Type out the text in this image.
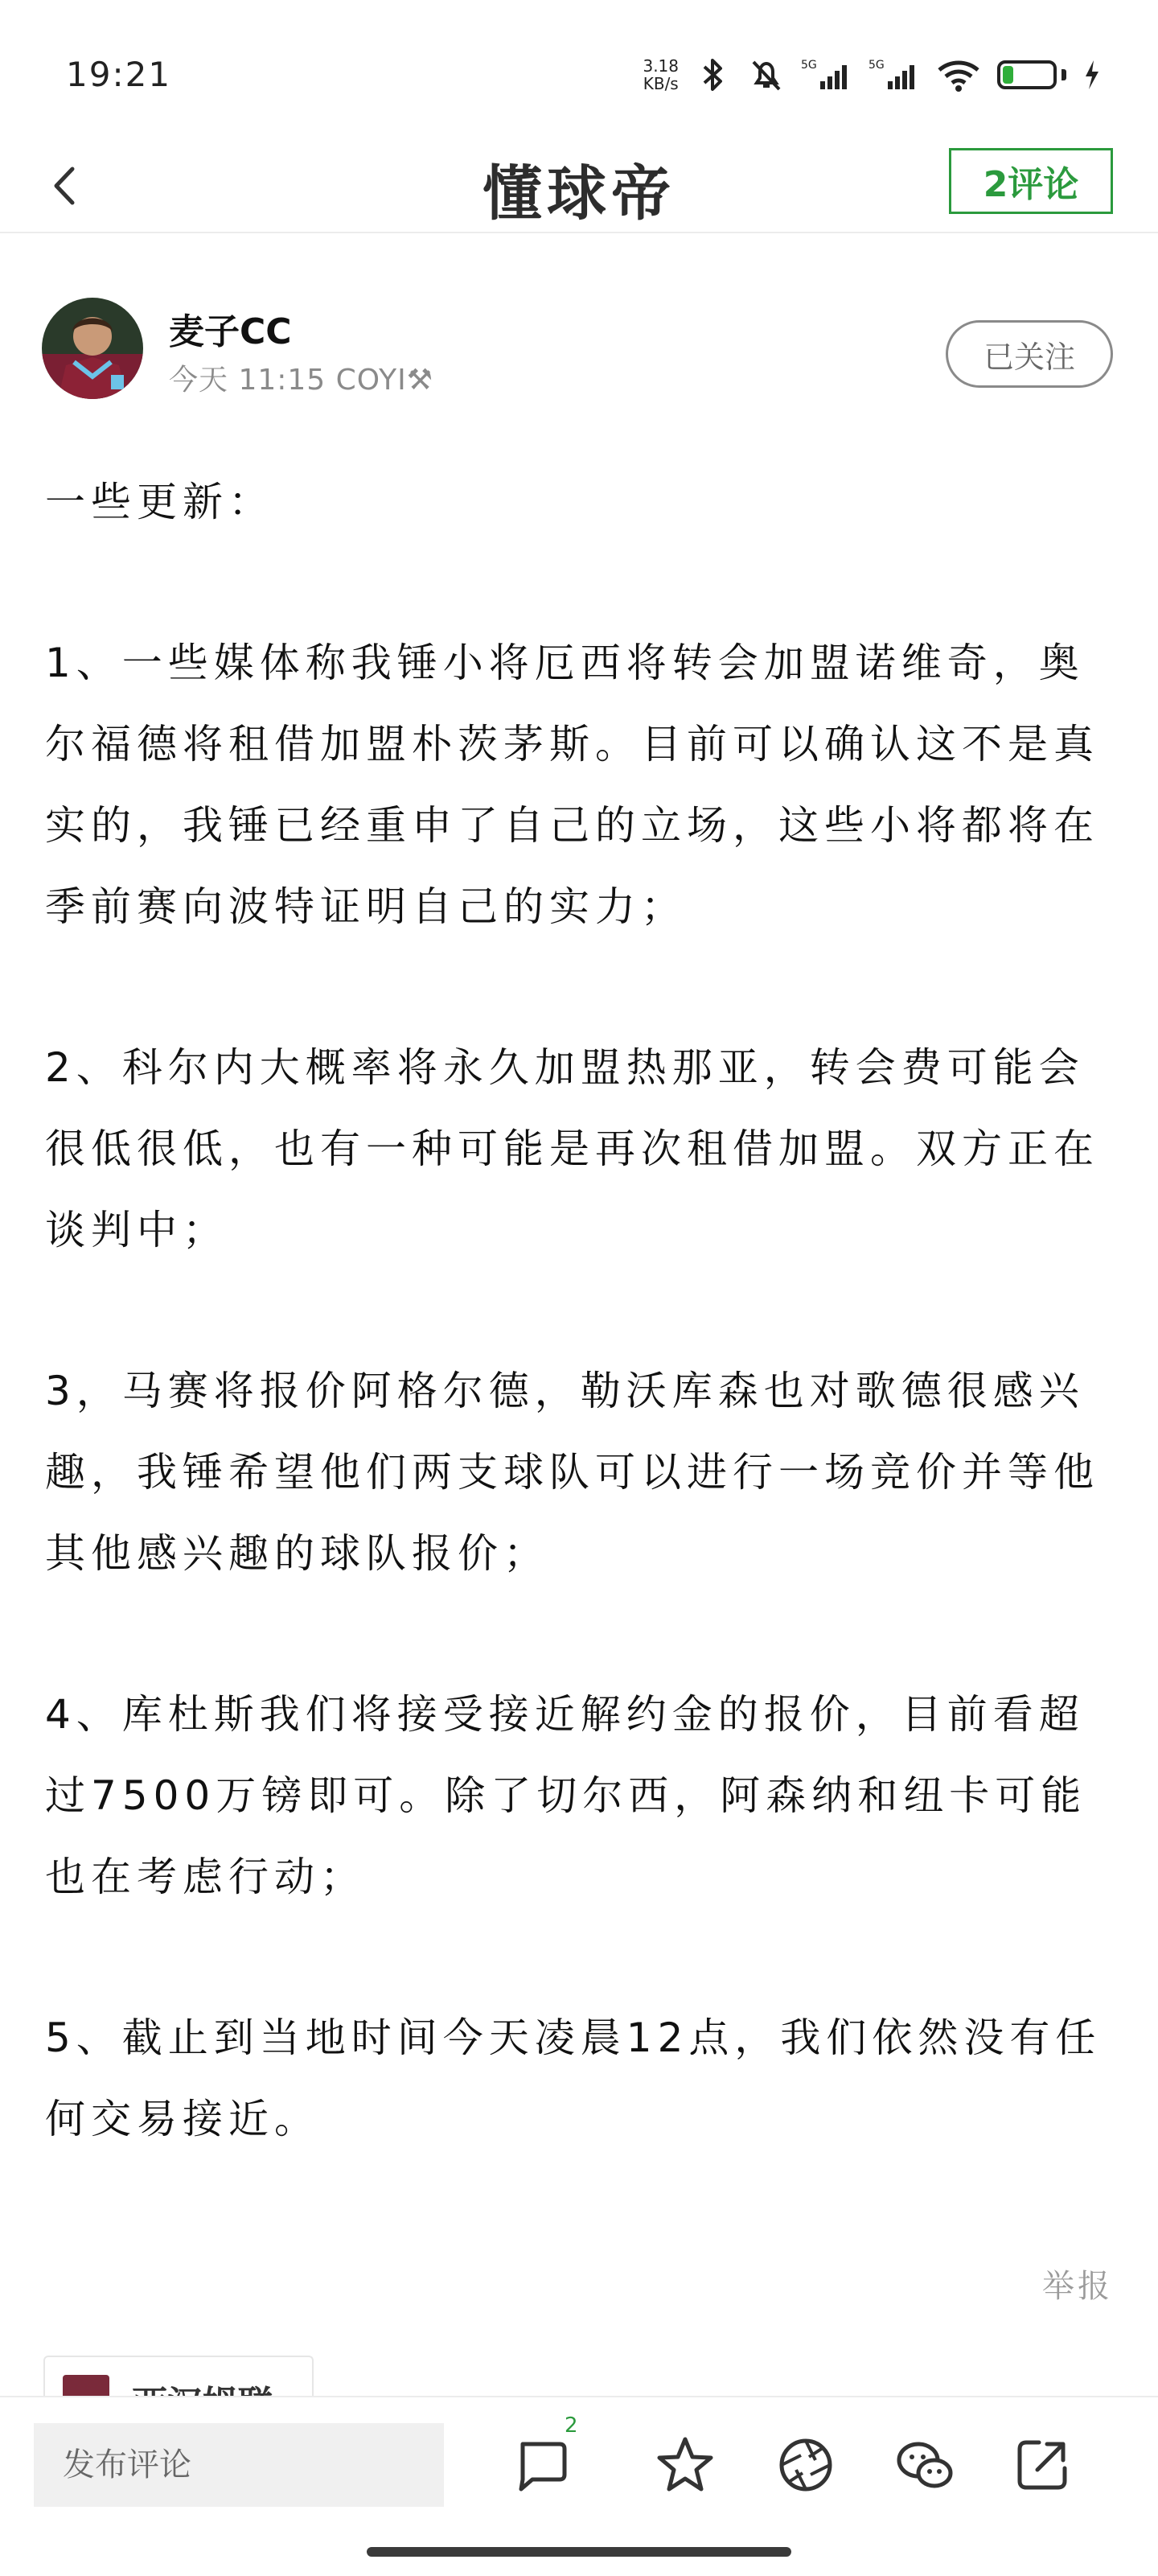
19:21	3.18
KB/s
5G	5G	22
懂球帝	2评论
麦子CC
今天 11:15 COYI⚒
已关注

一些更新：

1、一些媒体称我锤小将厄西将转会加盟诺维奇，奥尔福德将租借加盟朴茨茅斯。目前可以确认这不是真实的，我锤已经重申了自己的立场，这些小将都将在季前赛向波特证明自己的实力；

2、科尔内大概率将永久加盟热那亚，转会费可能会很低很低，也有一种可能是再次租借加盟。双方正在谈判中；

3，马赛将报价阿格尔德，勒沃库森也对歌德很感兴趣，我锤希望他们两支球队可以进行一场竞价并等他其他感兴趣的球队报价；

4、库杜斯我们将接受接近解约金的报价，目前看超过7500万镑即可。除了切尔西，阿森纳和纽卡可能也在考虑行动；

5、截止到当地时间今天凌晨12点，我们依然没有任何交易接近。

举报
发布评论
2
